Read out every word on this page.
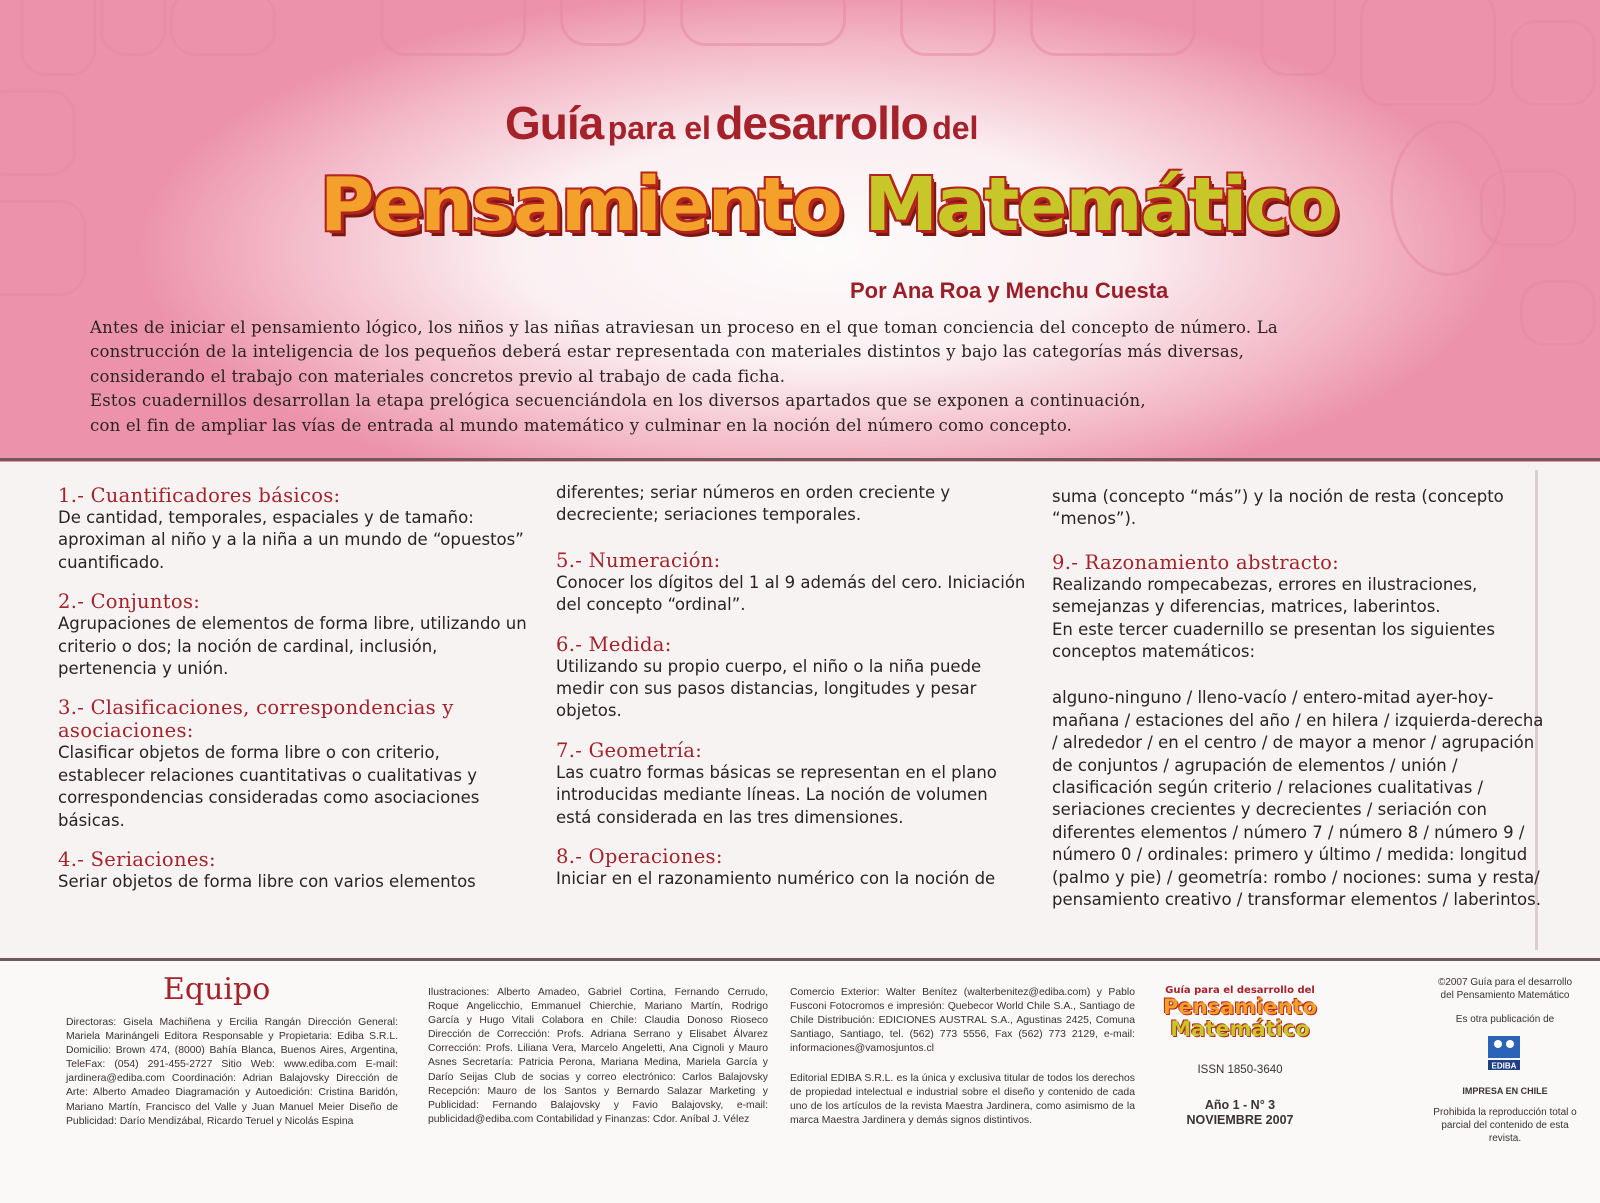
Guía para el desarrollo del
Pensamiento Matemático
Por Ana Roa y Menchu Cuesta

Antes de iniciar el pensamiento lógico, los niños y las niñas atraviesan un proceso en el que toman conciencia del concepto de número. La

construcción de la inteligencia de los pequeños deberá estar representada con materiales distintos y bajo las categorías más diversas,

considerando el trabajo con materiales concretos previo al trabajo de cada ficha.

Estos cuadernillos desarrollan la etapa prelógica secuenciándola en los diversos apartados que se exponen a continuación,

con el fin de ampliar las vías de entrada al mundo matemático y culminar en la noción del número como concepto.

1.- Cuantificadores básicos:

De cantidad, temporales, espaciales y de tamaño: aproximan al niño y a la niña a un mundo de “opuestos” cuantificado.

2.- Conjuntos:

Agrupaciones de elementos de forma libre, utilizando un criterio o dos; la noción de cardinal, inclusión, pertenencia y unión.

3.- Clasificaciones, correspondencias y asociaciones:

Clasificar objetos de forma libre o con criterio, establecer relaciones cuantitativas o cualitativas y correspondencias consideradas como asociaciones básicas.

4.- Seriaciones:

Seriar objetos de forma libre con varios elementos

diferentes; seriar números en orden creciente y decreciente; seriaciones temporales.

5.- Numeración:

Conocer los dígitos del 1 al 9 además del cero. Iniciación del concepto “ordinal”.

6.- Medida:

Utilizando su propio cuerpo, el niño o la niña puede medir con sus pasos distancias, longitudes y pesar objetos.

7.- Geometría:

Las cuatro formas básicas se representan en el plano introducidas mediante líneas. La noción de volumen está considerada en las tres dimensiones.

8.- Operaciones:

Iniciar en el razonamiento numérico con la noción de

suma (concepto “más”) y la noción de resta (concepto “menos”).

9.- Razonamiento abstracto:

Realizando rompecabezas, errores en ilustraciones, semejanzas y diferencias, matrices, laberintos.

En este tercer cuadernillo se presentan los siguientes conceptos matemáticos:

alguno-ninguno / lleno-vacío / entero-mitad ayer-hoy-mañana / estaciones del año / en hilera / izquierda-derecha / alrededor / en el centro / de mayor a menor / agrupación de conjuntos / agrupación de elementos / unión / clasificación según criterio / relaciones cualitativas / seriaciones crecientes y decrecientes / seriación con diferentes elementos / número 7 / número 8 / número 9 / número 0 / ordinales: primero y último / medida: longitud (palmo y pie) / geometría: rombo / nociones: suma y resta/ pensamiento creativo / transformar elementos / laberintos.

Equipo
Directoras: Gisela Machiñena y Ercilia Rangán Dirección General: Mariela Marinángeli Editora Responsable y Propietaria: Ediba S.R.L. Domicilio: Brown 474, (8000) Bahía Blanca, Buenos Aires, Argentina, TeleFax: (054) 291-455-2727 Sitio Web: www.ediba.com E-mail: jardinera@ediba.com Coordinación: Adrian Balajovsky Dirección de Arte: Alberto Amadeo Diagramación y Autoedición: Cristina Baridón, Mariano Martín, Francisco del Valle y Juan Manuel Meier Diseño de Publicidad: Darío Mendizábal, Ricardo Teruel y Nicolás Espina
Ilustraciones: Alberto Amadeo, Gabriel Cortina, Fernando Cerrudo, Roque Angelicchio, Emmanuel Chierchie, Mariano Martín, Rodrigo García y Hugo Vitali Colabora en Chile: Claudia Donoso Rioseco Dirección de Corrección: Profs. Adriana Serrano y Elisabet Álvarez Corrección: Profs. Liliana Vera, Marcelo Angeletti, Ana Cignoli y Mauro Asnes Secretaría: Patricia Perona, Mariana Medina, Mariela García y Darío Seijas Club de socias y correo electrónico: Carlos Balajovsky Recepción: Mauro de los Santos y Bernardo Salazar Marketing y Publicidad: Fernando Balajovsky y Favio Balajovsky, e-mail: publicidad@ediba.com Contabilidad y Finanzas: Cdor. Aníbal J. Vélez
Comercio Exterior: Walter Benítez (walterbenitez@ediba.com) y Pablo Fusconi Fotocromos e impresión: Quebecor World Chile S.A., Santiago de Chile Distribución: EDICIONES AUSTRAL S.A., Agustinas 2425, Comuna Santiago, Santiago, tel. (562) 773 5556, Fax (562) 773 2129, e-mail: informaciones@vamosjuntos.cl
Editorial EDIBA S.R.L. es la única y exclusiva titular de todos los derechos de propiedad intelectual e industrial sobre el diseño y contenido de cada uno de los artículos de la revista Maestra Jardinera, como asimismo de la marca Maestra Jardinera y demás signos distintivos.
Guía para el desarrollo del
Pensamiento
Matemático
ISSN 1850-3640
Año 1 - N° 3
NOVIEMBRE 2007
©2007 Guía para el desarrollo del Pensamiento Matemático
Es otra publicación de
EDIBA
IMPRESA EN CHILE
Prohibida la reproducción total o parcial del contenido de esta revista.
